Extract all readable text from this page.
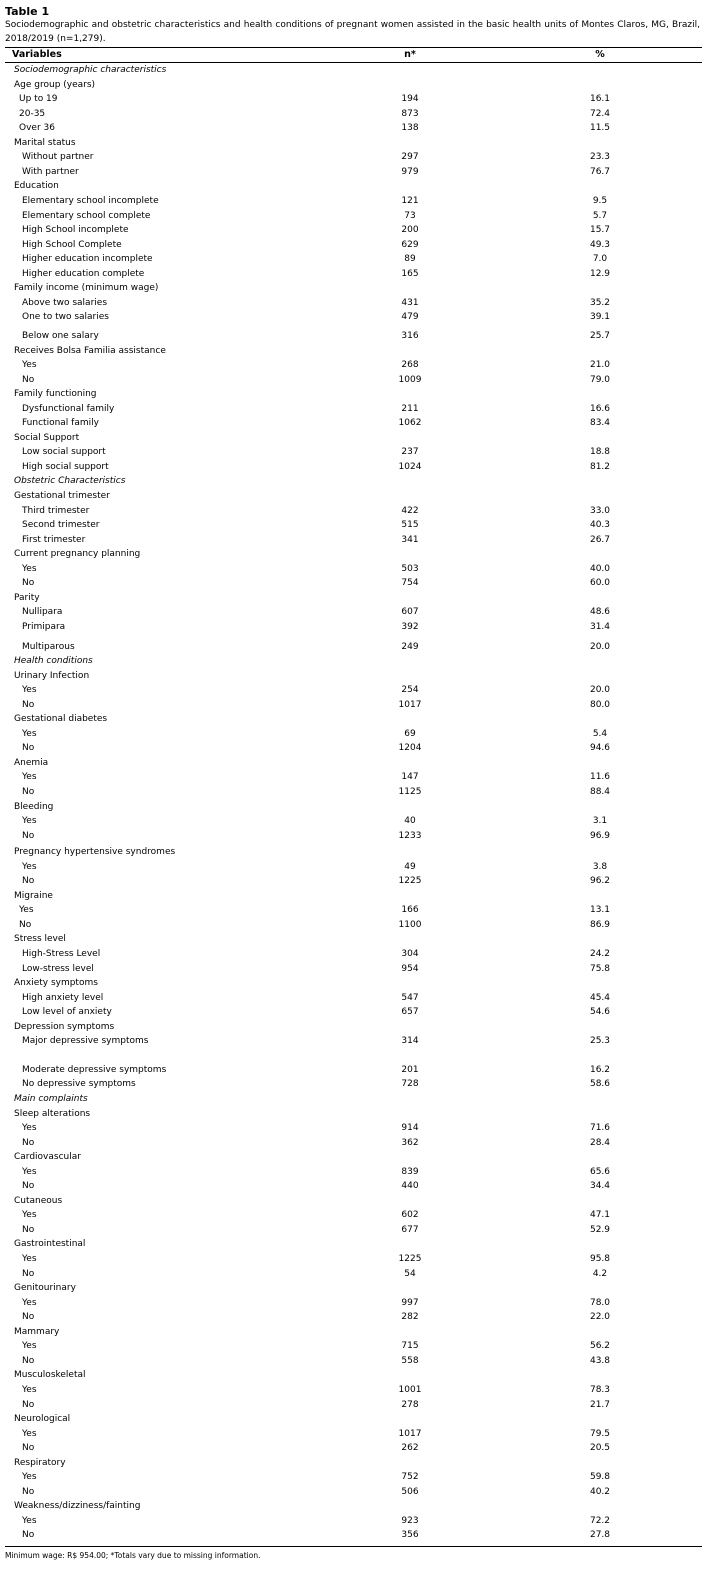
Table 1
Sociodemographic and obstetric characteristics and health conditions of pregnant women assisted in the basic health units of Montes Claros, MG, Brazil, 2018/2019 (n=1,279).
Variables	n*	%
Sociodemographic characteristics
Age group (years)
Up to 19	194	16.1
20-35	873	72.4
Over 36	138	11.5
Marital status
Without partner	297	23.3
With partner	979	76.7
Education
Elementary school incomplete	121	9.5
Elementary school complete	73	5.7
High School incomplete	200	15.7
High School Complete	629	49.3
Higher education incomplete	89	7.0
Higher education complete	165	12.9
Family income (minimum wage)
Above two salaries	431	35.2
One to two salaries	479	39.1
Below one salary	316	25.7
Receives Bolsa Familia assistance
Yes	268	21.0
No	1009	79.0
Family functioning
Dysfunctional family	211	16.6
Functional family	1062	83.4
Social Support
Low social support	237	18.8
High social support	1024	81.2
Obstetric Characteristics
Gestational trimester
Third trimester	422	33.0
Second trimester	515	40.3
First trimester	341	26.7
Current pregnancy planning
Yes	503	40.0
No	754	60.0
Parity
Nullipara	607	48.6
Primipara	392	31.4
Multiparous	249	20.0
Health conditions
Urinary Infection
Yes	254	20.0
No	1017	80.0
Gestational diabetes
Yes	69	5.4
No	1204	94.6
Anemia
Yes	147	11.6
No	1125	88.4
Bleeding
Yes	40	3.1
No	1233	96.9
Pregnancy hypertensive syndromes
Yes	49	3.8
No	1225	96.2
Migraine
Yes	166	13.1
No	1100	86.9
Stress level
High-Stress Level	304	24.2
Low-stress level	954	75.8
Anxiety symptoms
High anxiety level	547	45.4
Low level of anxiety	657	54.6
Depression symptoms
Major depressive symptoms	314	25.3
Moderate depressive symptoms	201	16.2
No depressive symptoms	728	58.6
Main complaints
Sleep alterations
Yes	914	71.6
No	362	28.4
Cardiovascular
Yes	839	65.6
No	440	34.4
Cutaneous
Yes	602	47.1
No	677	52.9
Gastrointestinal
Yes	1225	95.8
No	54	4.2
Genitourinary
Yes	997	78.0
No	282	22.0
Mammary
Yes	715	56.2
No	558	43.8
Musculoskeletal
Yes	1001	78.3
No	278	21.7
Neurological
Yes	1017	79.5
No	262	20.5
Respiratory
Yes	752	59.8
No	506	40.2
Weakness/dizziness/fainting
Yes	923	72.2
No	356	27.8
Minimum wage: R$ 954.00; *Totals vary due to missing information.
